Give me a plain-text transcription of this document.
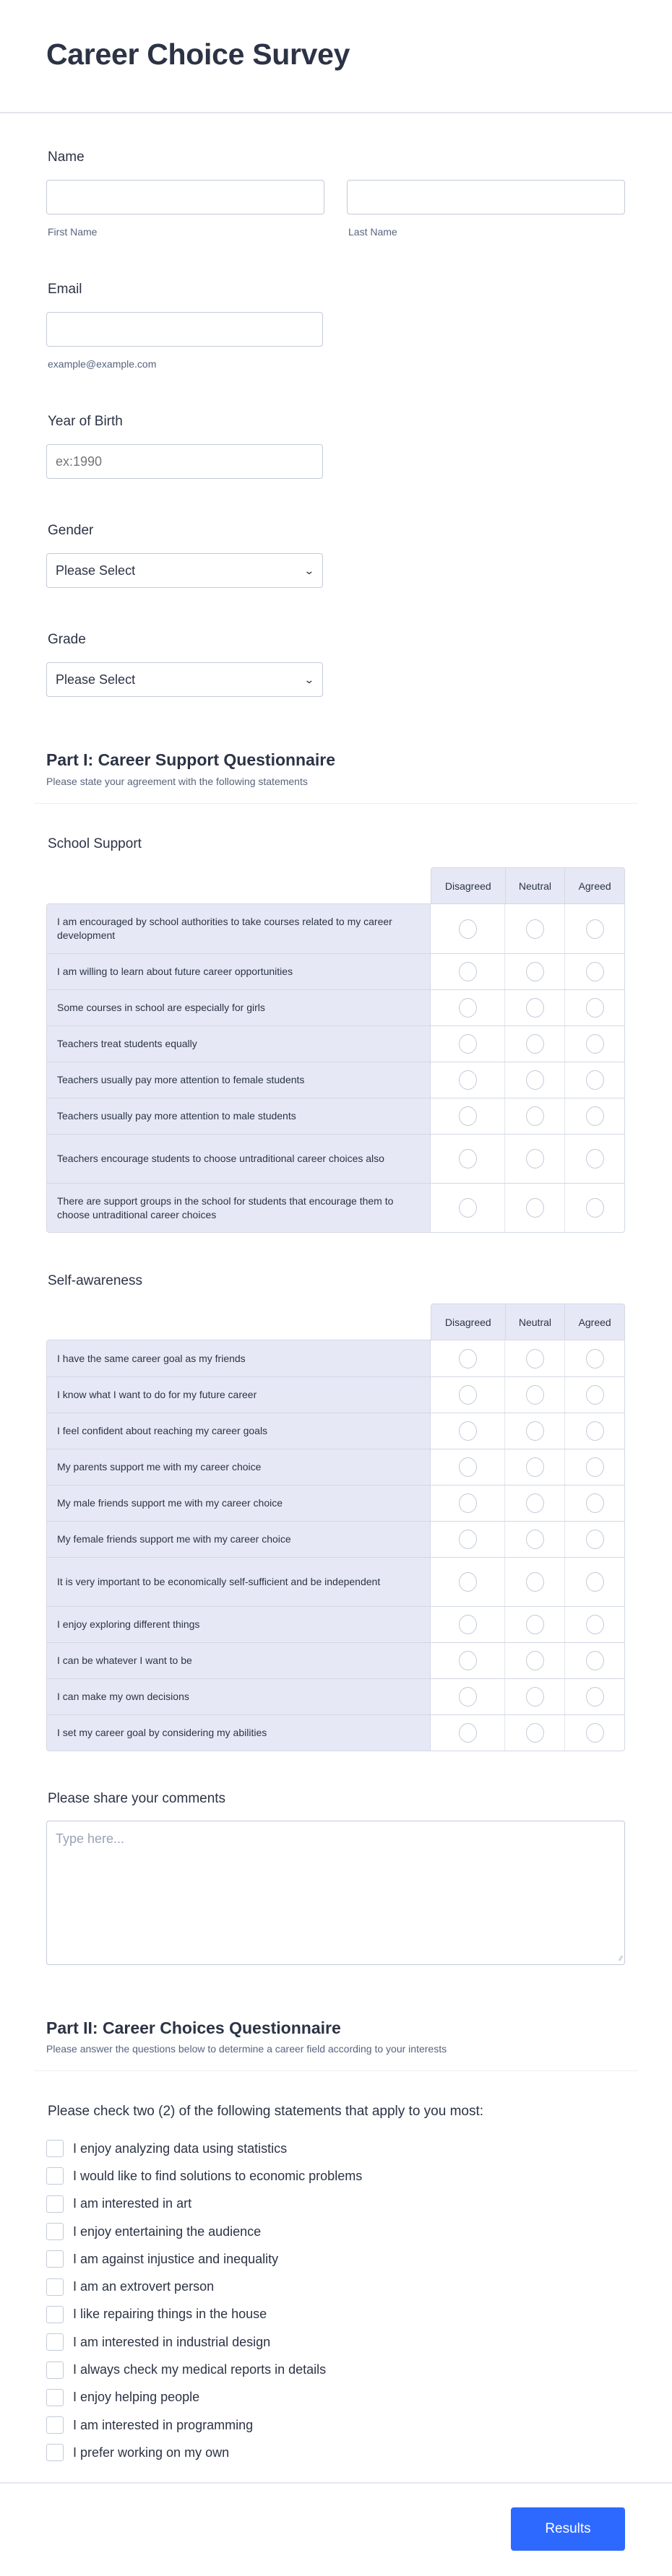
Career Choice Survey
Name
First Name	Last Name
Email
example@example.com
Year of Birth
ex:1990
Gender
Please Select	⌄
Grade
Please Select	⌄
Part I: Career Support Questionnaire
Please state your agreement with the following statements
School Support
Disagreed	Neutral	Agreed
I am encouraged by school authorities to take courses related to my career development
I am willing to learn about future career opportunities
Some courses in school are especially for girls
Teachers treat students equally
Teachers usually pay more attention to female students
Teachers usually pay more attention to male students
Teachers encourage students to choose untraditional career choices also
There are support groups in the school for students that encourage them to choose untraditional career choices
Self-awareness
Disagreed	Neutral	Agreed
I have the same career goal as my friends
I know what I want to do for my future career
I feel confident about reaching my career goals
My parents support me with my career choice
My male friends support me with my career choice
My female friends support me with my career choice
It is very important to be economically self-sufficient and be independent
I enjoy exploring different things
I can be whatever I want to be
I can make my own decisions
I set my career goal by considering my abilities
Please share your comments
Type here...
∕∕
Part II: Career Choices Questionnaire
Please answer the questions below to determine a career field according to your interests
Please check two (2) of the following statements that apply to you most:
I enjoy analyzing data using statistics
I would like to find solutions to economic problems
I am interested in art
I enjoy entertaining the audience
I am against injustice and inequality
I am an extrovert person
I like repairing things in the house
I am interested in industrial design
I always check my medical reports in details
I enjoy helping people
I am interested in programming
I prefer working on my own
Results
